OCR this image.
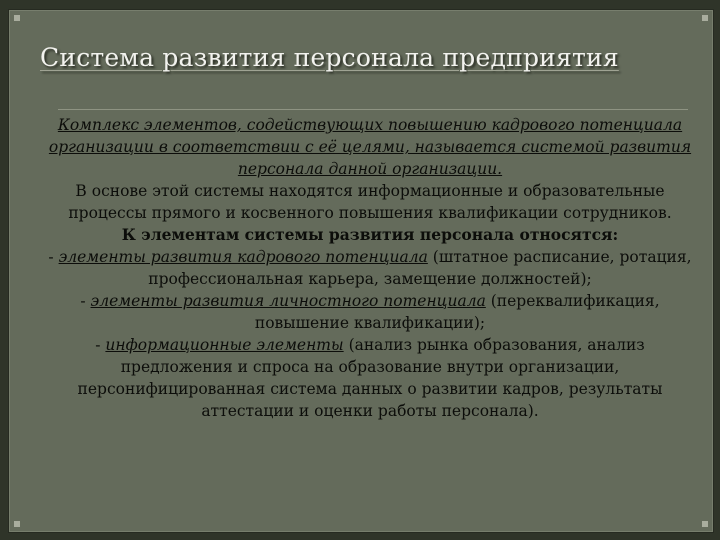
Система развития персонала предприятия

Комплекс элементов, содействующих повышению кадрового потенциала организации в соответствии с её целями, называется системой развития персонала данной организации.

В основе этой системы находятся информационные и образовательные процессы прямого и косвенного повышения квалификации сотрудников.

К элементам системы развития персонала относятся:

- элементы развития кадрового потенциала (штатное расписание, ротация, профессиональная карьера, замещение должностей);

- элементы развития личностного потенциала (переквалификация, повышение квалификации);

- информационные элементы (анализ рынка образования, анализ предложения и спроса на образование внутри организации, персонифицированная система данных о развитии кадров, результаты аттестации и оценки работы персонала).
